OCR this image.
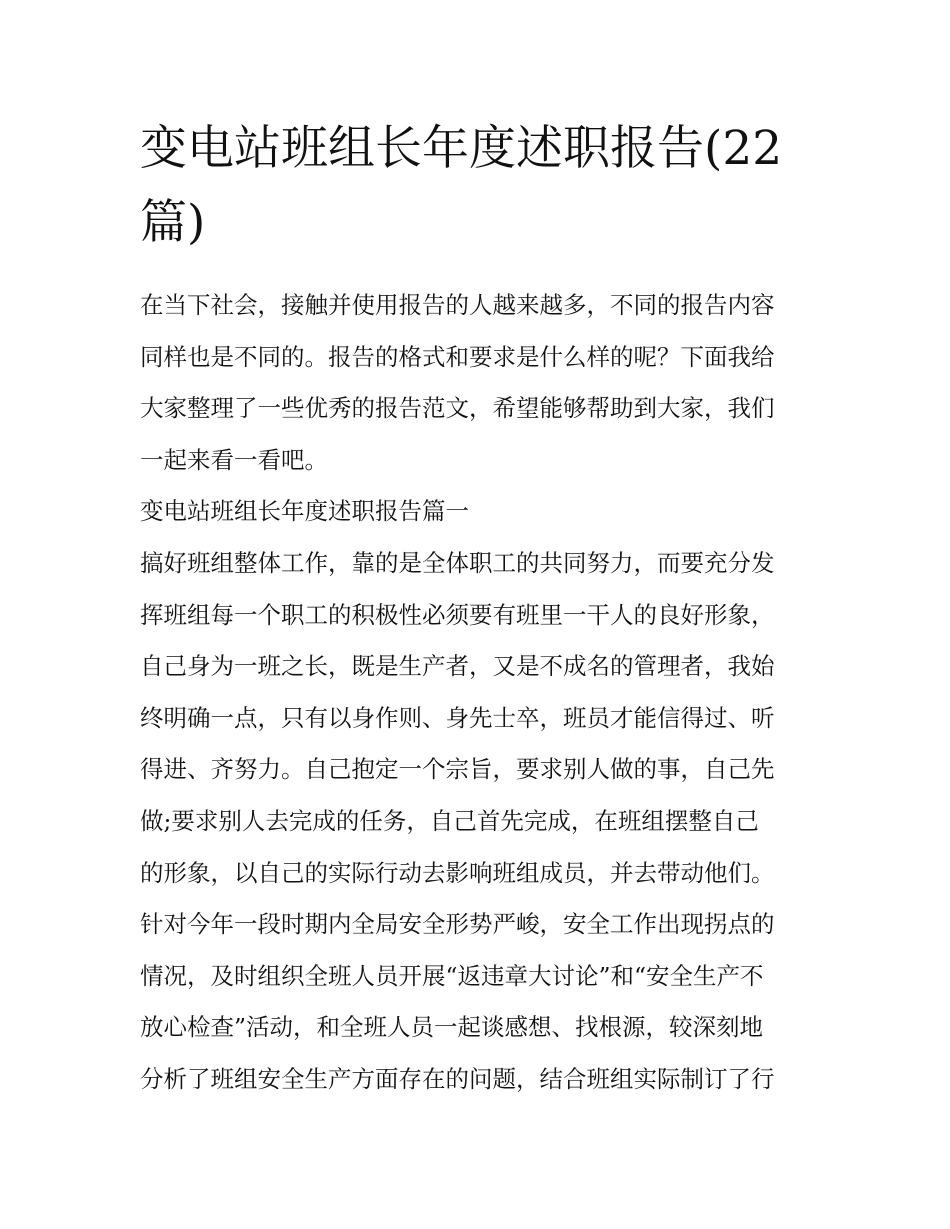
变电站班组长年度述职报告(22
篇)
在当下社会，接触并使用报告的人越来越多，不同的报告内容
同样也是不同的。报告的格式和要求是什么样的呢？下面我给
大家整理了一些优秀的报告范文，希望能够帮助到大家，我们
一起来看一看吧。
变电站班组长年度述职报告篇一
搞好班组整体工作，靠的是全体职工的共同努力，而要充分发
挥班组每一个职工的积极性必须要有班里一干人的良好形象，
自己身为一班之长，既是生产者，又是不成名的管理者，我始
终明确一点，只有以身作则、身先士卒，班员才能信得过、听
得进、齐努力。自己抱定一个宗旨，要求别人做的事，自己先
做;要求别人去完成的任务，自己首先完成，在班组摆整自己
的形象，以自己的实际行动去影响班组成员，并去带动他们。
针对今年一段时期内全局安全形势严峻，安全工作出现拐点的
情况，及时组织全班人员开展“返违章大讨论”和“安全生产不
放心检查”活动，和全班人员一起谈感想、找根源，较深刻地
分析了班组安全生产方面存在的问题，结合班组实际制订了行
